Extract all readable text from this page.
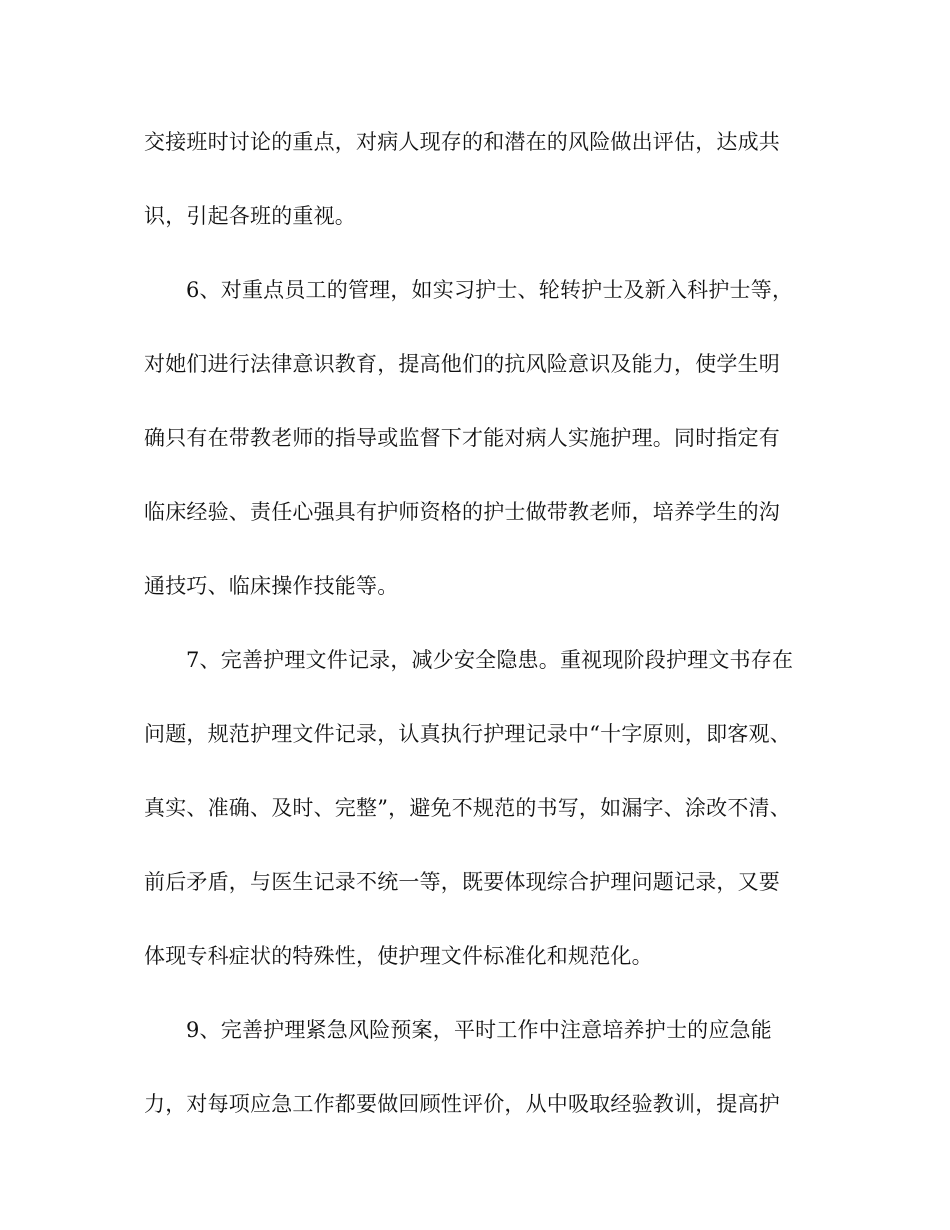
交接班时讨论的重点，对病人现存的和潜在的风险做出评估，达成共
识，引起各班的重视。
6、对重点员工的管理，如实习护士、轮转护士及新入科护士等，
对她们进行法律意识教育，提高他们的抗风险意识及能力，使学生明
确只有在带教老师的指导或监督下才能对病人实施护理。同时指定有
临床经验、责任心强具有护师资格的护士做带教老师，培养学生的沟
通技巧、临床操作技能等。
7、完善护理文件记录，减少安全隐患。重视现阶段护理文书存在
问题，规范护理文件记录，认真执行护理记录中“十字原则，即客观、
真实、准确、及时、完整”，避免不规范的书写，如漏字、涂改不清、
前后矛盾，与医生记录不统一等，既要体现综合护理问题记录，又要
体现专科症状的特殊性，使护理文件标准化和规范化。
9、完善护理紧急风险预案，平时工作中注意培养护士的应急能
力，对每项应急工作都要做回顾性评价，从中吸取经验教训，提高护
